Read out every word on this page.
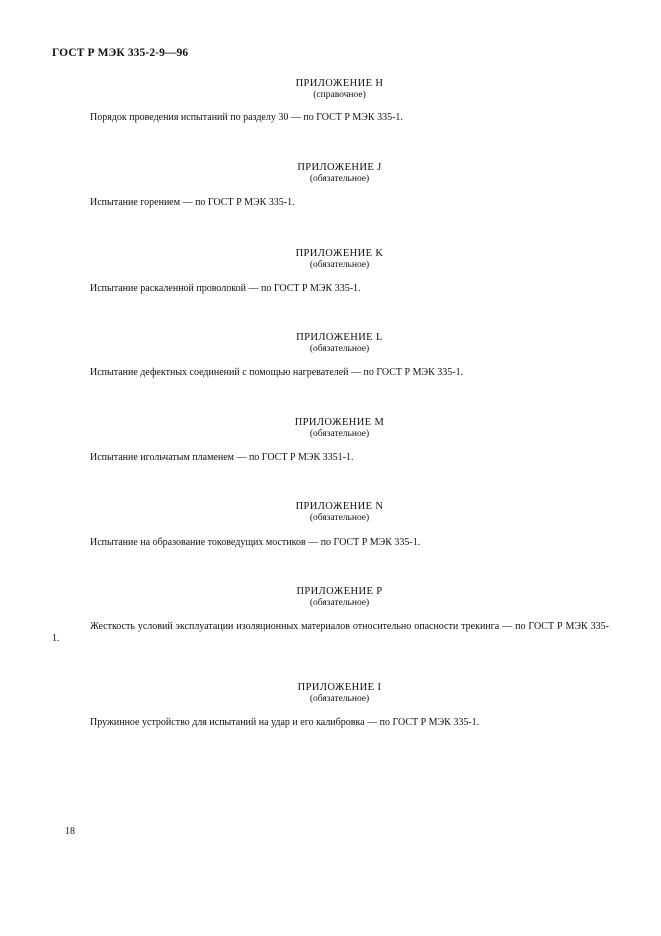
ГОСТ Р МЭК 335-2-9—96
ПРИЛОЖЕНИЕ H
(справочное)
Порядок проведения испытаний по разделу 30 — по ГОСТ Р МЭК 335-1.
ПРИЛОЖЕНИЕ J
(обязательное)
Испытание горением — по ГОСТ Р МЭК 335-1.
ПРИЛОЖЕНИЕ K
(обязательное)
Испытание раскаленной проволокой — по ГОСТ Р МЭК 335-1.
ПРИЛОЖЕНИЕ L
(обязательное)
Испытание дефектных соединений с помощью нагревателей — по ГОСТ Р МЭК 335-1.
ПРИЛОЖЕНИЕ M
(обязательное)
Испытание игольчатым пламенем — по ГОСТ Р МЭК 3351-1.
ПРИЛОЖЕНИЕ N
(обязательное)
Испытание на образование токоведущих мостиков — по ГОСТ Р МЭК 335-1.
ПРИЛОЖЕНИЕ P
(обязательное)
Жесткость условий эксплуатации изоляционных материалов относительно опасности трекинга — по ГОСТ Р МЭК 335-1.
ПРИЛОЖЕНИЕ I
(обязательное)
Пружинное устройство для испытаний на удар и его калибровка — по ГОСТ Р МЭК 335-1.
18
